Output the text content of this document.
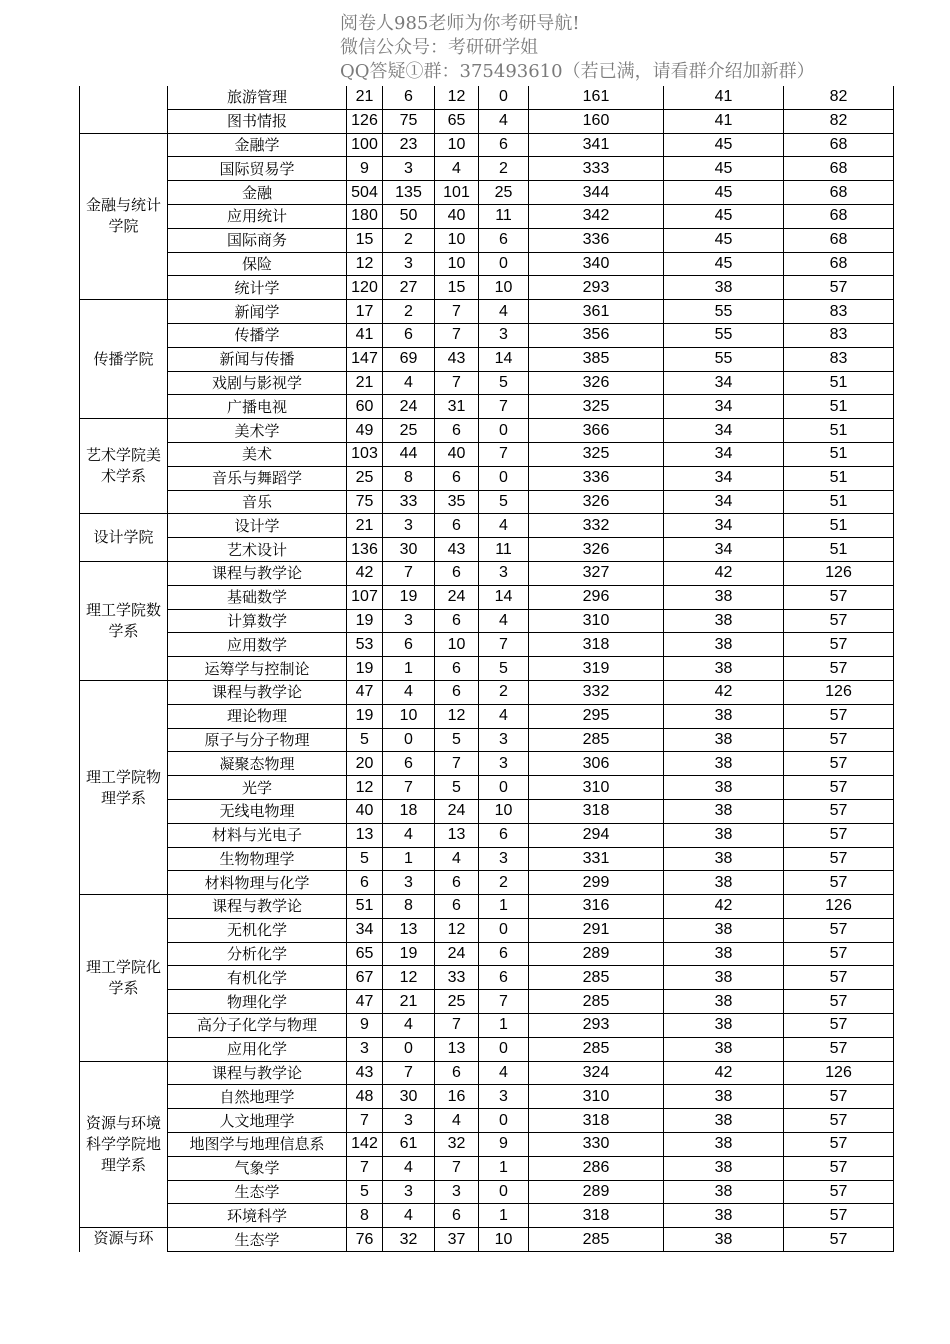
阅卷人985老师为你考研导航!
微信公众号：考研研学姐
QQ答疑①群：375493610（若已满，请看群介绍加新群）
	旅游管理	21	6	12	0	161	41	82
	图书情报	126	75	65	4	160	41	82
金融与统计学院	金融学	100	23	10	6	341	45	68
	国际贸易学	9	3	4	2	333	45	68
	金融	504	135	101	25	344	45	68
	应用统计	180	50	40	11	342	45	68
	国际商务	15	2	10	6	336	45	68
	保险	12	3	10	0	340	45	68
	统计学	120	27	15	10	293	38	57
传播学院	新闻学	17	2	7	4	361	55	83
	传播学	41	6	7	3	356	55	83
	新闻与传播	147	69	43	14	385	55	83
	戏剧与影视学	21	4	7	5	326	34	51
	广播电视	60	24	31	7	325	34	51
艺术学院美术学系	美术学	49	25	6	0	366	34	51
	美术	103	44	40	7	325	34	51
	音乐与舞蹈学	25	8	6	0	336	34	51
	音乐	75	33	35	5	326	34	51
设计学院	设计学	21	3	6	4	332	34	51
	艺术设计	136	30	43	11	326	34	51
理工学院数学系	课程与教学论	42	7	6	3	327	42	126
	基础数学	107	19	24	14	296	38	57
	计算数学	19	3	6	4	310	38	57
	应用数学	53	6	10	7	318	38	57
	运筹学与控制论	19	1	6	5	319	38	57
理工学院物理学系	课程与教学论	47	4	6	2	332	42	126
	理论物理	19	10	12	4	295	38	57
	原子与分子物理	5	0	5	3	285	38	57
	凝聚态物理	20	6	7	3	306	38	57
	光学	12	7	5	0	310	38	57
	无线电物理	40	18	24	10	318	38	57
	材料与光电子	13	4	13	6	294	38	57
	生物物理学	5	1	4	3	331	38	57
	材料物理与化学	6	3	6	2	299	38	57
理工学院化学系	课程与教学论	51	8	6	1	316	42	126
	无机化学	34	13	12	0	291	38	57
	分析化学	65	19	24	6	289	38	57
	有机化学	67	12	33	6	285	38	57
	物理化学	47	21	25	7	285	38	57
	高分子化学与物理	9	4	7	1	293	38	57
	应用化学	3	0	13	0	285	38	57
资源与环境科学学院地理学系	课程与教学论	43	7	6	4	324	42	126
	自然地理学	48	30	16	3	310	38	57
	人文地理学	7	3	4	0	318	38	57
	地图学与地理信息系	142	61	32	9	330	38	57
	气象学	7	4	7	1	286	38	57
	生态学	5	3	3	0	289	38	57
	环境科学	8	4	6	1	318	38	57
资源与环	生态学	76	32	37	10	285	38	57
